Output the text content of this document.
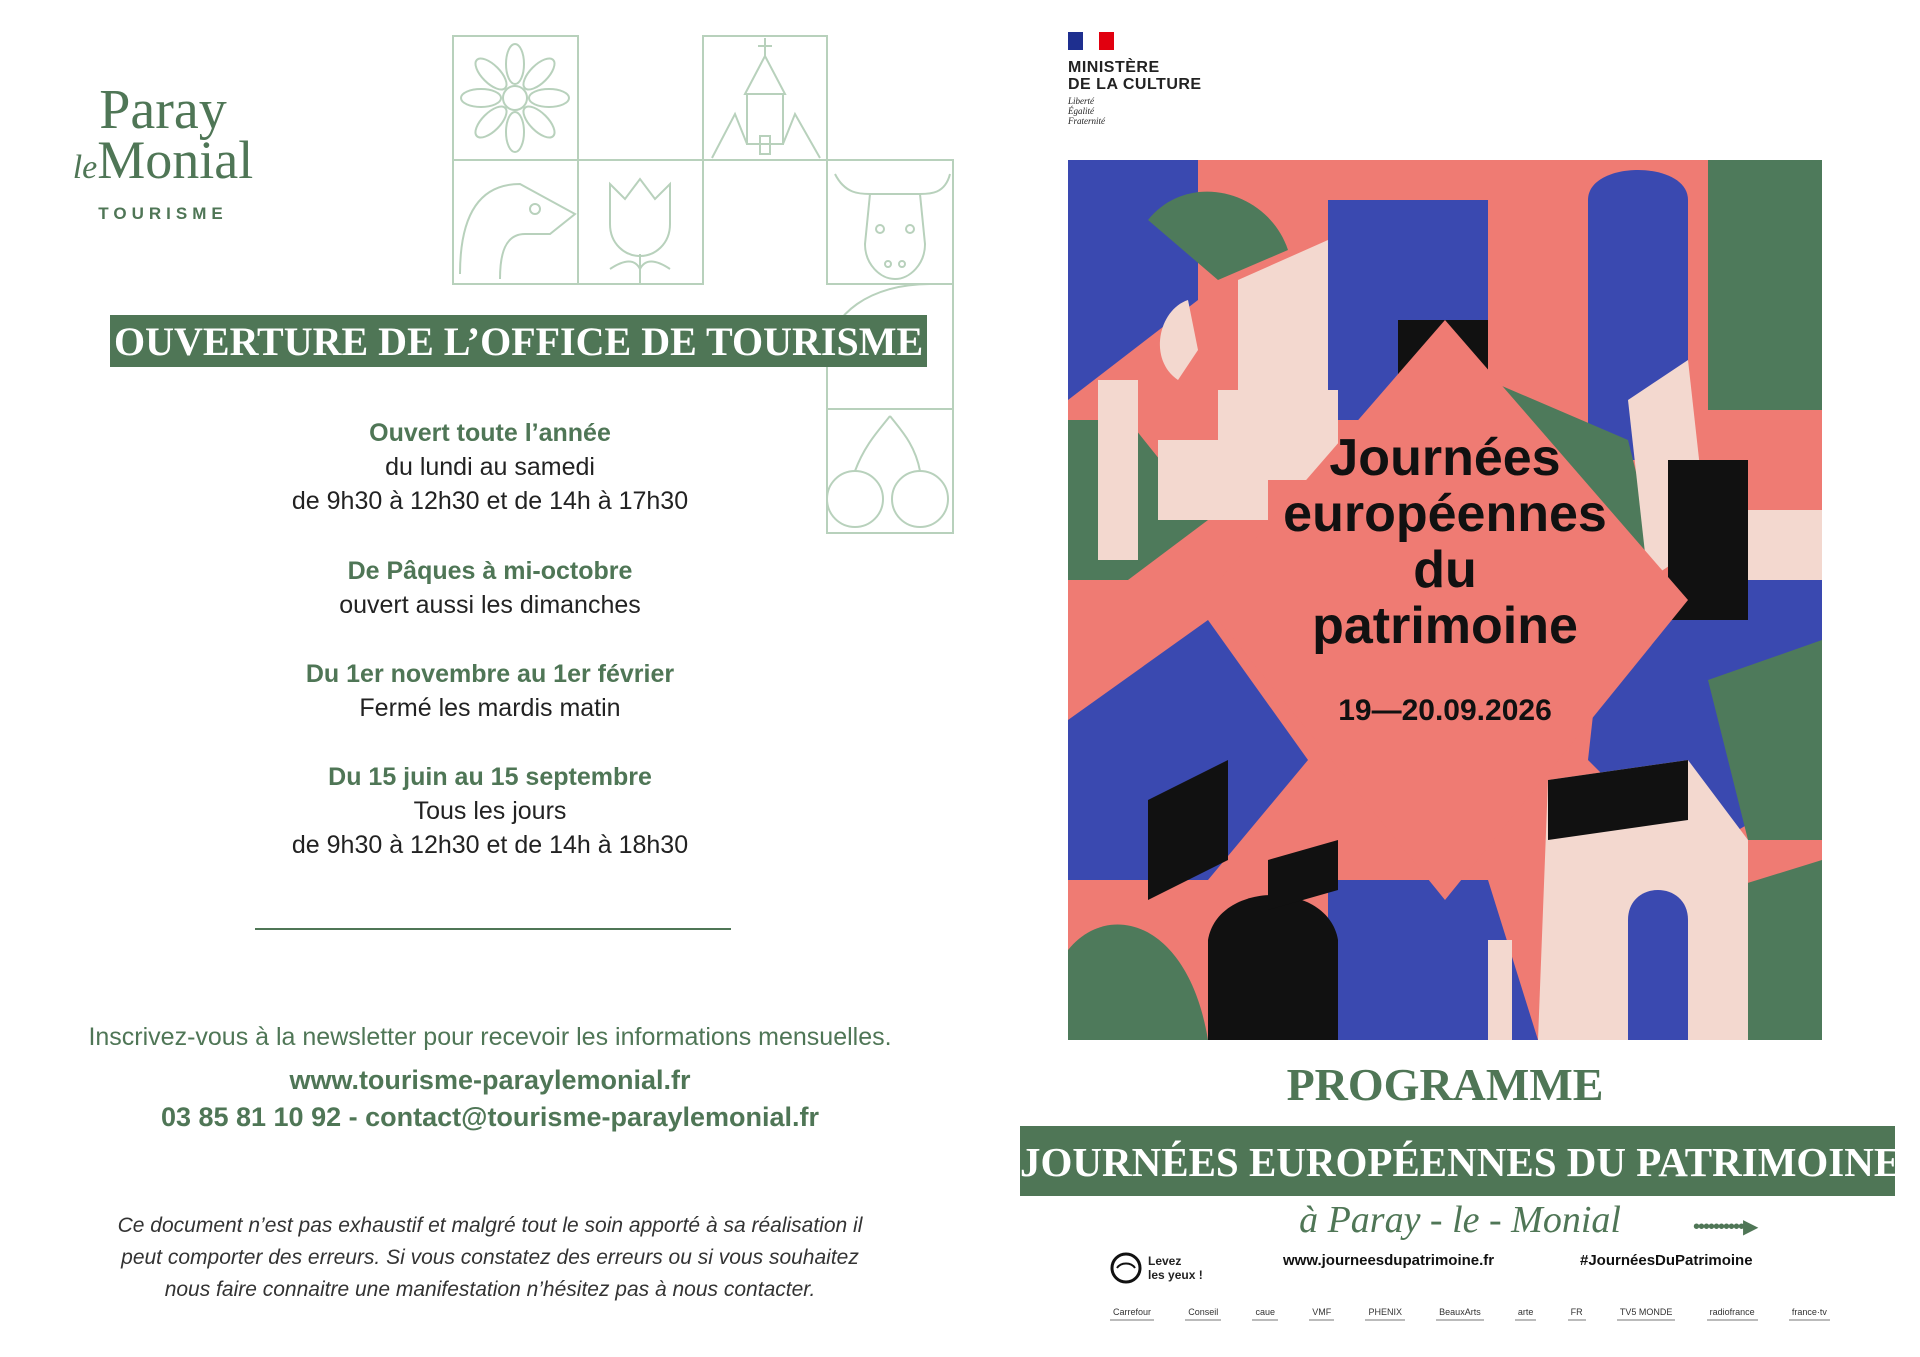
Paray
leMonial
TOURISME
OUVERTURE DE L’OFFICE DE TOURISME
Ouvert toute l’année
du lundi au samedi
de 9h30 à 12h30 et de 14h à 17h30
De Pâques à mi-octobre
ouvert aussi les dimanches
Du 1er novembre au 1er février
Fermé les mardis matin
Du 15 juin au 15 septembre
Tous les jours
de 9h30 à 12h30 et de 14h à 18h30
Inscrivez-vous à la newsletter pour recevoir les informations mensuelles.
www.tourisme-paraylemonial.fr
03 85 81 10 92 - contact@tourisme-paraylemonial.fr
Ce document n’est pas exhaustif et malgré tout le soin apporté à sa réalisation il
peut comporter des erreurs. Si vous constatez des erreurs ou si vous souhaitez
nous faire connaitre une manifestation n’hésitez pas à nous contacter.
MINISTÈRE
DE LA CULTURE
Liberté
Égalité
Fraternité
Journées
européennes
du
patrimoine
19—20.09.2026
PROGRAMME
JOURNÉES EUROPÉENNES DU PATRIMOINE
à Paray - le - Monial	••••••••••▶
Levez
les yeux !
www.journeesdupatrimoine.fr	#JournéesDuPatrimoine
Carrefour	Conseil	caue	VMF	PHENIX	BeauxArts	arte	FR	TV5 MONDE	radiofrance	france·tv
